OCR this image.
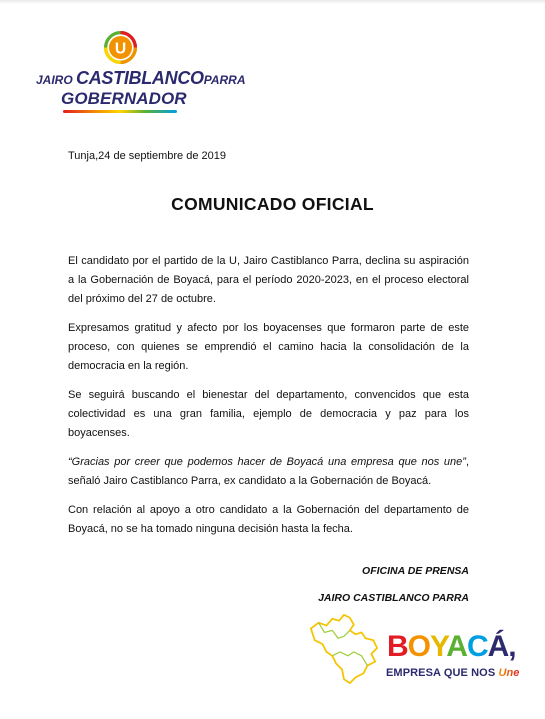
U
JAIRO CASTIBLANCOPARRA
GOBERNADOR
Tunja,24 de septiembre de 2019
COMUNICADO OFICIAL

El candidato por el partido de la U, Jairo Castiblanco Parra, declina su aspiración a la Gobernación de Boyacá, para el período 2020-2023, en el proceso electoral del próximo del 27 de octubre.

Expresamos gratitud y afecto por los boyacenses que formaron parte de este proceso, con quienes se emprendió el camino hacia la consolidación de la democracia en la región.

Se seguirá buscando el bienestar del departamento, convencidos que esta colectividad es una gran familia, ejemplo de democracia y paz para los boyacenses.

“Gracias por creer que podemos hacer de Boyacá una empresa que nos une”, señaló Jairo Castiblanco Parra, ex candidato a la Gobernación de Boyacá.

Con relación al apoyo a otro candidato a la Gobernación del departamento de Boyacá, no se ha tomado ninguna decisión hasta la fecha.

OFICINA DE PRENSA
JAIRO CASTIBLANCO PARRA
BOYACÁ,
EMPRESA QUE NOS Une
